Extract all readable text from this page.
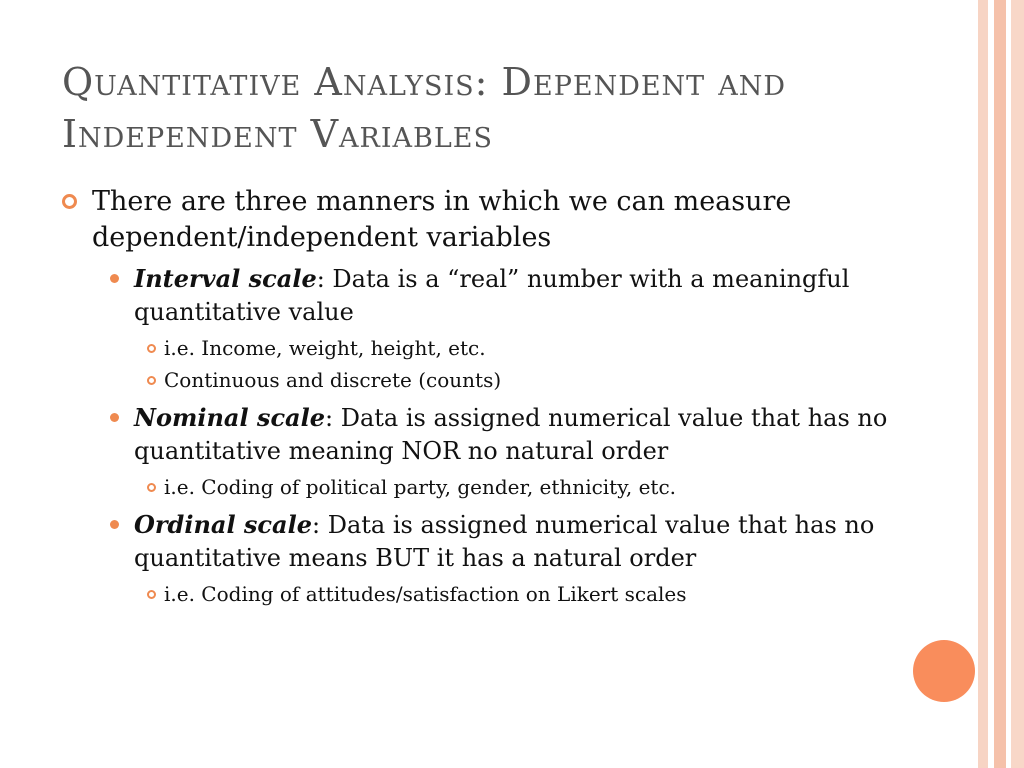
Quantitative Analysis: Dependent and Independent Variables
There are three manners in which we can measure dependent/independent variables
Interval scale: Data is a “real” number with a meaningful quantitative value
i.e. Income, weight, height, etc.
Continuous and discrete (counts)
Nominal scale: Data is assigned numerical value that has no quantitative meaning NOR no natural order
i.e. Coding of political party, gender, ethnicity, etc.
Ordinal scale: Data is assigned numerical value that has no quantitative means BUT it has a natural order
i.e. Coding of attitudes/satisfaction on Likert scales
